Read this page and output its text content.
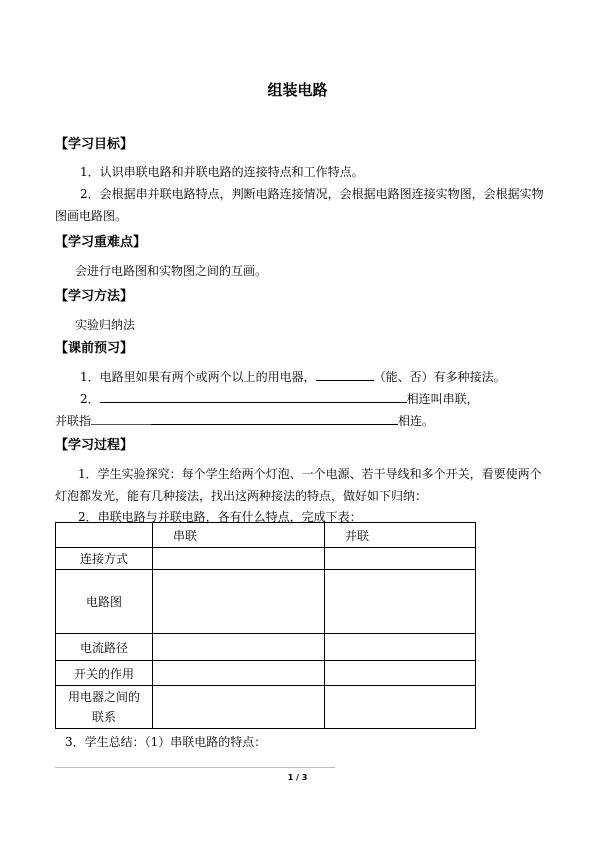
组装电路
【学习目标】
1．认识串联电路和并联电路的连接特点和工作特点。
2．会根据串并联电路特点，判断电路连接情况，会根据电路图连接实物图，会根据实物
图画电路图。
【学习重难点】
会进行电路图和实物图之间的互画。
【学习方法】
实验归纳法
【课前预习】
1．电路里如果有两个或两个以上的用电器，	（能、否）有多种接法。
2．	相连叫串联，
并联指	相连。
【学习过程】
1．学生实验探究：每个学生给两个灯泡、一个电源、若干导线和多个开关，看要使两个
灯泡都发光，能有几种接法，找出这两种接法的特点，做好如下归纳：
2．串联电路与并联电路，各有什么特点，完成下表：
	串联	并联
连接方式		
电路图		
电流路径		
开关的作用		

用电器之间的
联系		

3．学生总结：（1）串联电路的特点：
1 / 3
